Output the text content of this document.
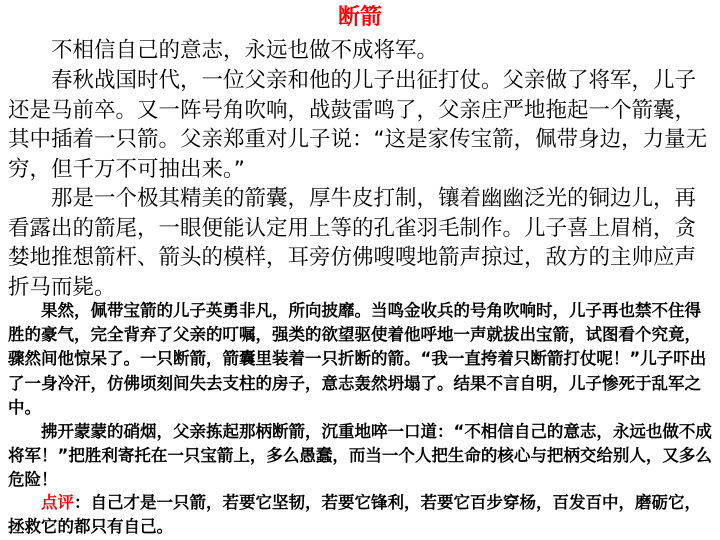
断箭

不相信自己的意志，永远也做不成将军。

春秋战国时代，一位父亲和他的儿子出征打仗。父亲做了将军，儿子还是马前卒。又一阵号角吹响，战鼓雷鸣了，父亲庄严地拖起一个箭囊，其中插着一只箭。父亲郑重对儿子说：“这是家传宝箭，佩带身边，力量无穷，但千万不可抽出来。”

那是一个极其精美的箭囊，厚牛皮打制，镶着幽幽泛光的铜边儿，再看露出的箭尾，一眼便能认定用上等的孔雀羽毛制作。儿子喜上眉梢，贪婪地推想箭杆、箭头的模样，耳旁仿佛嗖嗖地箭声掠过，敌方的主帅应声折马而毙。

果然，佩带宝箭的儿子英勇非凡，所向披靡。当鸣金收兵的号角吹响时，儿子再也禁不住得胜的豪气，完全背弃了父亲的叮嘱，强类的欲望驱使着他呼地一声就拔出宝箭，试图看个究竟，骤然间他惊呆了。一只断箭，箭囊里装着一只折断的箭。“我一直挎着只断箭打仗呢！”儿子吓出了一身冷汗，仿佛顷刻间失去支柱的房子，意志轰然坍塌了。结果不言自明，儿子惨死于乱军之中。

拂开蒙蒙的硝烟，父亲拣起那柄断箭，沉重地啐一口道：“不相信自己的意志，永远也做不成将军！”把胜利寄托在一只宝箭上，多么愚蠢，而当一个人把生命的核心与把柄交给别人，又多么危险！

点评：自己才是一只箭，若要它坚韧，若要它锋利，若要它百步穿杨，百发百中，磨砺它，拯救它的都只有自己。
